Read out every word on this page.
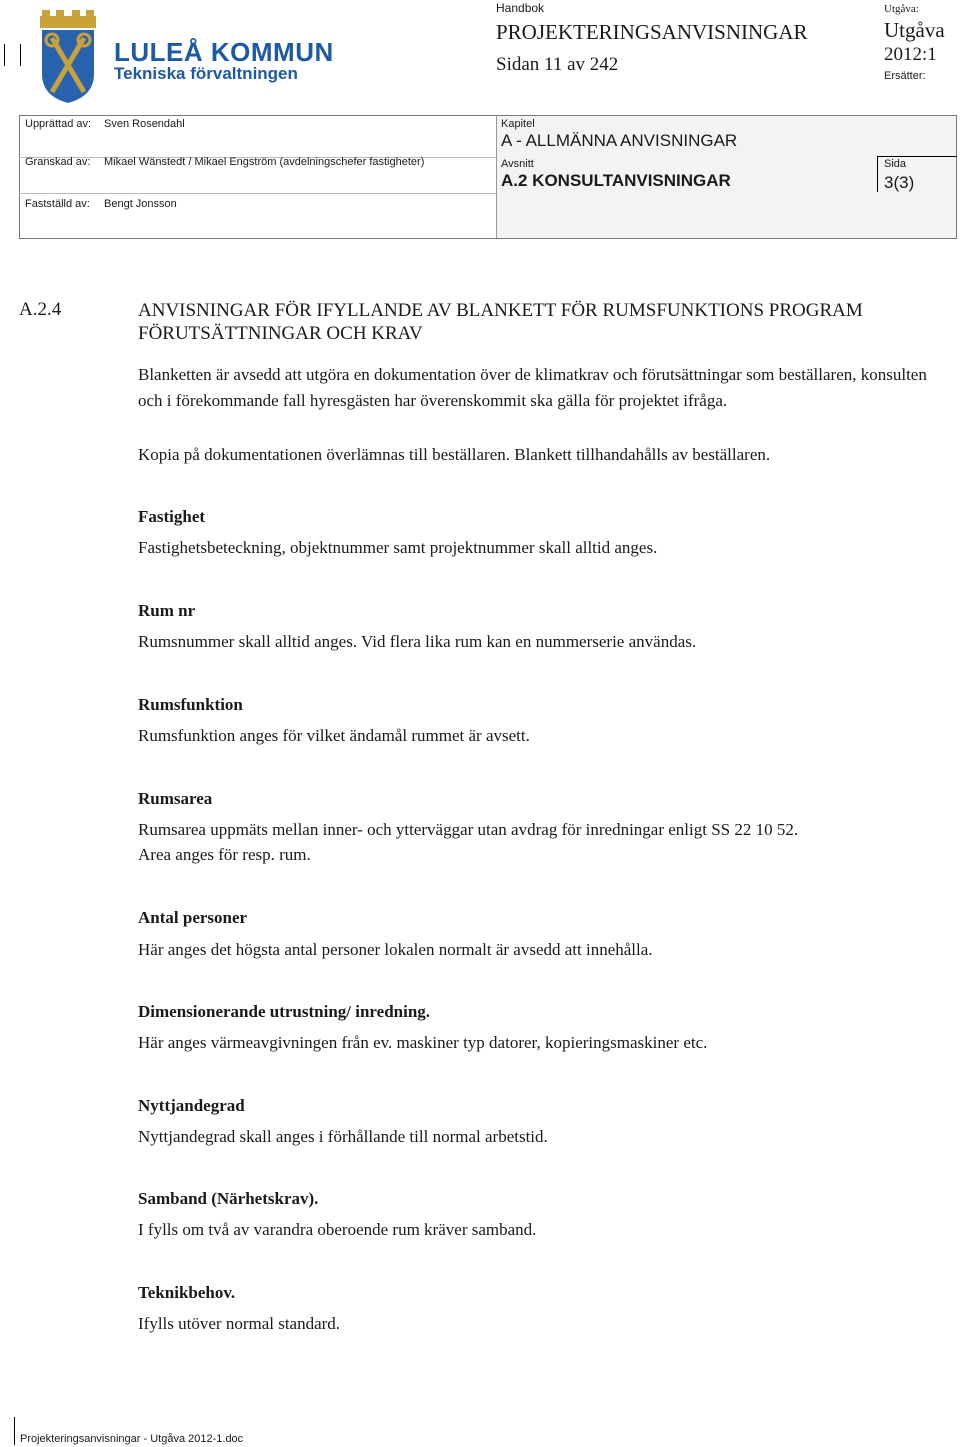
LULEÅ KOMMUN
Tekniska förvaltningen
Handbok
PROJEKTERINGSANVISNINGAR
Sidan 11 av 242
Utgåva:
Utgåva
2012:1
Ersätter:
Upprättad av: Sven Rosendahl
Granskad av: Mikael Wänstedt / Mikael Engström (avdelningschefer fastigheter)
Fastställd av: Bengt Jonsson
Kapitel
A - ALLMÄNNA ANVISNINGAR
Avsnitt
A.2 KONSULTANVISNINGAR
Sida
3(3)
A.2.4	ANVISNINGAR FÖR IFYLLANDE AV BLANKETT FÖR RUMSFUNKTIONS PROGRAM FÖRUTSÄTTNINGAR OCH KRAV
Blanketten är avsedd att utgöra en dokumentation över de klimatkrav och förutsättningar som beställaren, konsulten och i förekommande fall hyresgästen har överenskommit ska gälla för projektet ifråga.
Kopia på dokumentationen överlämnas till beställaren. Blankett tillhandahålls av beställaren.
Fastighet
Fastighetsbeteckning, objektnummer samt projektnummer skall alltid anges.
Rum nr
Rumsnummer skall alltid anges. Vid flera lika rum kan en nummerserie användas.
Rumsfunktion
Rumsfunktion anges för vilket ändamål rummet är avsett.
Rumsarea
Rumsarea uppmäts mellan inner- och ytterväggar utan avdrag för inredningar enligt SS 22 10 52.
Area anges för resp. rum.
Antal personer
Här anges det högsta antal personer lokalen normalt är avsedd att innehålla.
Dimensionerande utrustning/ inredning.
Här anges värmeavgivningen från ev. maskiner typ datorer, kopieringsmaskiner etc.
Nyttjandegrad
Nyttjandegrad skall anges i förhållande till normal arbetstid.
Samband (Närhetskrav).
I fylls om två av varandra oberoende rum kräver samband.
Teknikbehov.
Ifylls utöver normal standard.
Projekteringsanvisningar - Utgåva 2012-1.doc
